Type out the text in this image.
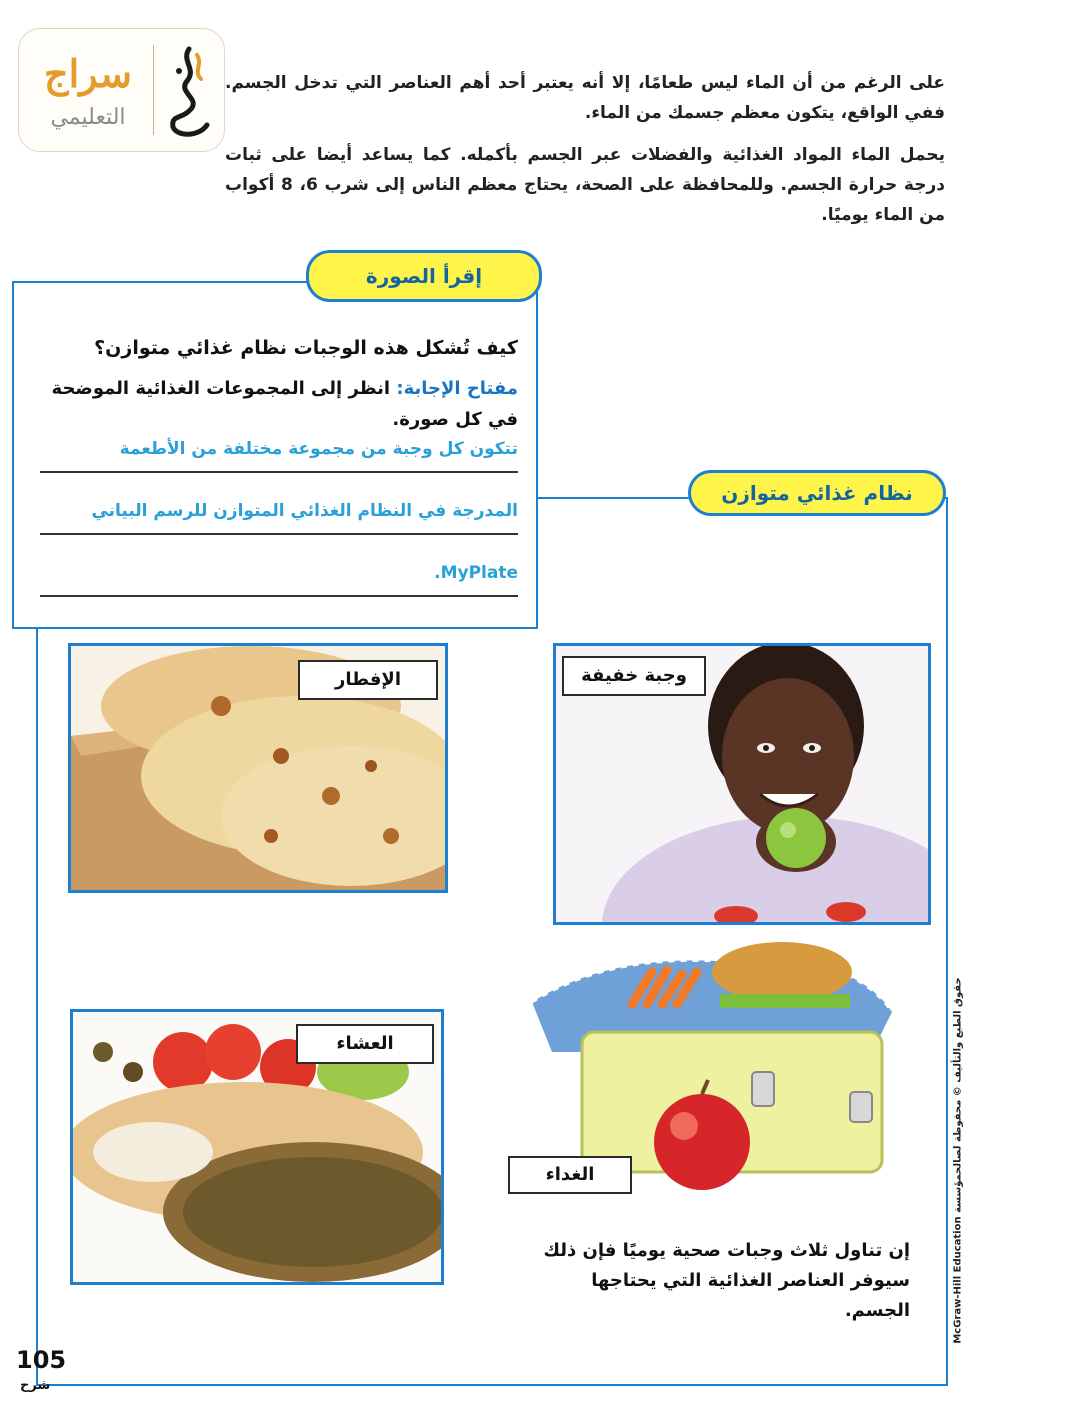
سراج
التعليمي
على الرغم من أن الماء ليس طعامًا، إلا أنه يعتبر أحد أهم العناصر التي تدخل الجسم. ففي الواقع، يتكون معظم جسمك من الماء.
يحمل الماء المواد الغذائية والفضلات عبر الجسم بأكمله. كما يساعد أيضا على ثبات درجة حرارة الجسم. وللمحافظة على الصحة، يحتاج معظم الناس إلى شرب 6، 8 أكواب من الماء يوميًا.
نظام غذائي متوازن
كيف تُشكل هذه الوجبات نظام غذائي متوازن؟
مفتاح الإجابة: انظر إلى المجموعات الغذائية الموضحة في كل صورة.
تتكون كل وجبة من مجموعة مختلفة من الأطعمة
المدرجة في النظام الغذائي المتوازن للرسم البياني
MyPlate.
إقرأ الصورة
الإفطار	وجبة خفيفة
العشاء
الغداء
إن تناول ثلاث وجبات صحية يوميًا فإن ذلك سيوفر العناصر الغذائية التي يحتاجها الجسم.	حقوق الطبع والتأليف © محفوظة لصالحمؤسسة McGraw-Hill Education
105
شرح
